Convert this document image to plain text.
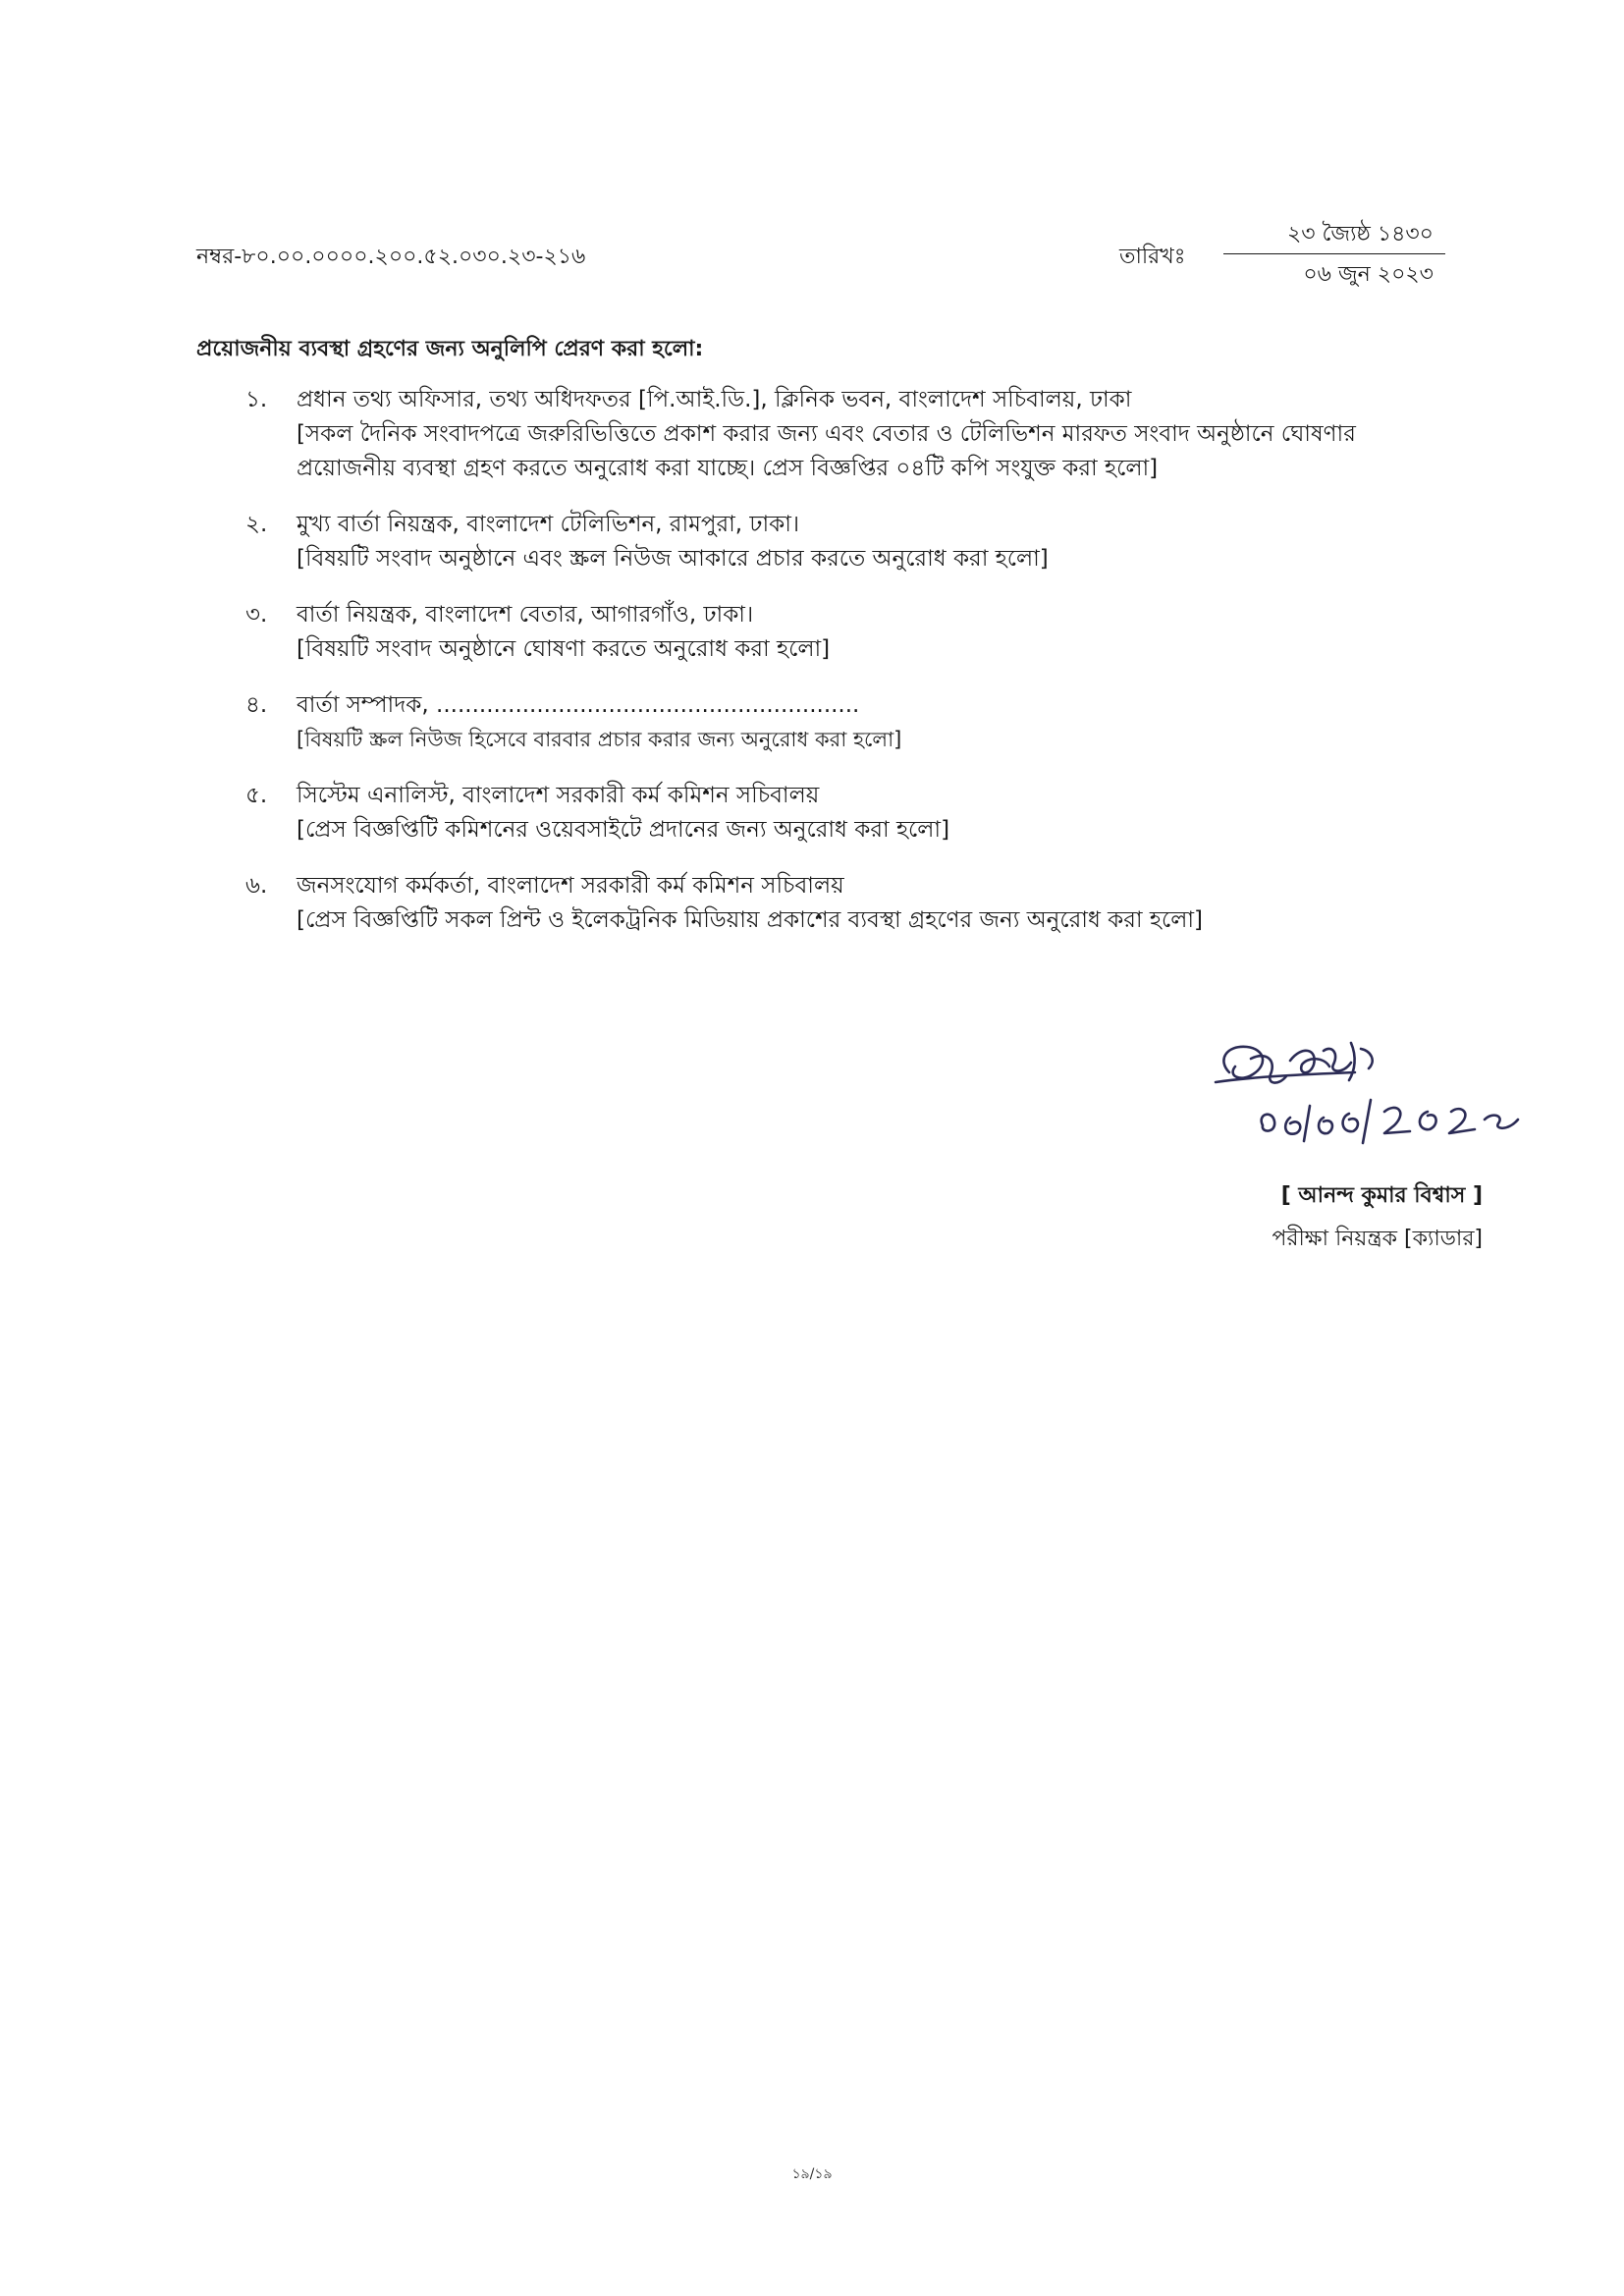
নম্বর-৮০.০০.০০০০.২০০.৫২.০৩০.২৩-২১৬	তারিখঃ
২৩ জ্যৈষ্ঠ ১৪৩০
০৬ জুন ২০২৩
প্রয়োজনীয় ব্যবস্থা গ্রহণের জন্য অনুলিপি প্রেরণ করা হলো:
১.	প্রধান তথ্য অফিসার, তথ্য অধিদফতর [পি.আই.ডি.], ক্লিনিক ভবন, বাংলাদেশ সচিবালয়, ঢাকা
[সকল দৈনিক সংবাদপত্রে জরুরিভিত্তিতে প্রকাশ করার জন্য এবং বেতার ও টেলিভিশন মারফত সংবাদ অনুষ্ঠানে ঘোষণার প্রয়োজনীয় ব্যবস্থা গ্রহণ করতে অনুরোধ করা যাচ্ছে। প্রেস বিজ্ঞপ্তির ০৪টি কপি সংযুক্ত করা হলো]
২.	মুখ্য বার্তা নিয়ন্ত্রক, বাংলাদেশ টেলিভিশন, রামপুরা, ঢাকা।
[বিষয়টি সংবাদ অনুষ্ঠানে এবং স্ক্রল নিউজ আকারে প্রচার করতে অনুরোধ করা হলো]
৩.	বার্তা নিয়ন্ত্রক, বাংলাদেশ বেতার, আগারগাঁও, ঢাকা।
[বিষয়টি সংবাদ অনুষ্ঠানে ঘোষণা করতে অনুরোধ করা হলো]
৪.	বার্তা সম্পাদক, ...........................................................
[বিষয়টি স্ক্রল নিউজ হিসেবে বারবার প্রচার করার জন্য অনুরোধ করা হলো]
৫.	সিস্টেম এনালিস্ট, বাংলাদেশ সরকারী কর্ম কমিশন সচিবালয়
[প্রেস বিজ্ঞপ্তিটি কমিশনের ওয়েবসাইটে প্রদানের জন্য অনুরোধ করা হলো]
৬.	জনসংযোগ কর্মকর্তা, বাংলাদেশ সরকারী কর্ম কমিশন সচিবালয়
[প্রেস বিজ্ঞপ্তিটি সকল প্রিন্ট ও ইলেকট্রনিক মিডিয়ায় প্রকাশের ব্যবস্থা গ্রহণের জন্য অনুরোধ করা হলো]
[ আনন্দ কুমার বিশ্বাস ]
পরীক্ষা নিয়ন্ত্রক [ক্যাডার]
১৯/১৯
